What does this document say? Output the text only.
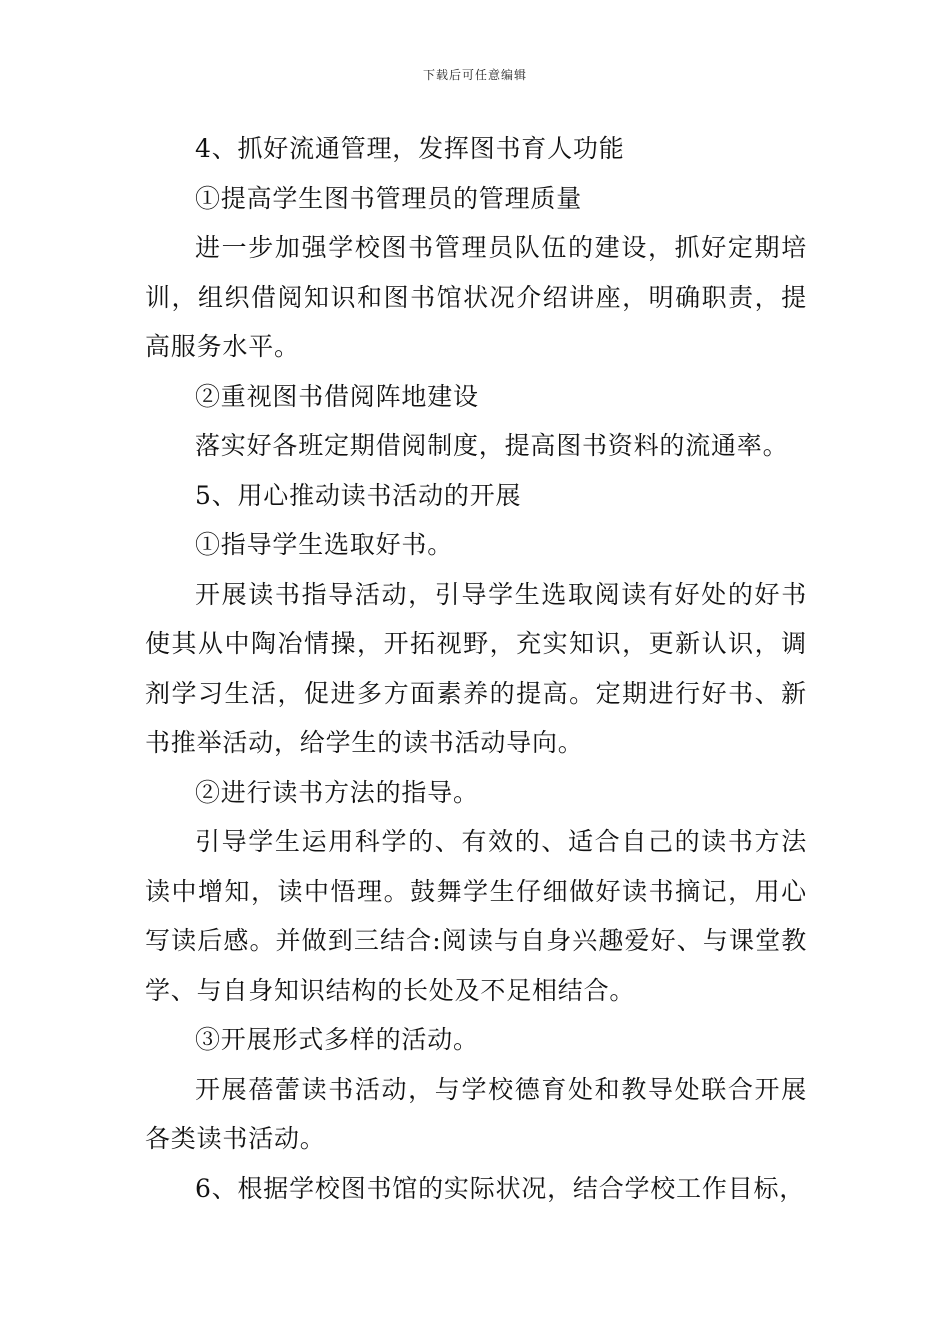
下载后可任意编辑

4、抓好流通管理，发挥图书育人功能

①提高学生图书管理员的管理质量

进一步加强学校图书管理员队伍的建设，抓好定期培训，组织借阅知识和图书馆状况介绍讲座，明确职责，提高服务水平。

②重视图书借阅阵地建设

落实好各班定期借阅制度，提高图书资料的流通率。

5、用心推动读书活动的开展

①指导学生选取好书。

开展读书指导活动，引导学生选取阅读有好处的好书使其从中陶冶情操，开拓视野，充实知识，更新认识，调剂学习生活，促进多方面素养的提高。定期进行好书、新书推举活动，给学生的读书活动导向。

②进行读书方法的指导。

引导学生运用科学的、有效的、适合自己的读书方法读中增知，读中悟理。鼓舞学生仔细做好读书摘记，用心写读后感。并做到三结合:阅读与自身兴趣爱好、与课堂教学、与自身知识结构的长处及不足相结合。

③开展形式多样的活动。

开展蓓蕾读书活动，与学校德育处和教导处联合开展各类读书活动。

6、根据学校图书馆的实际状况，结合学校工作目标，
